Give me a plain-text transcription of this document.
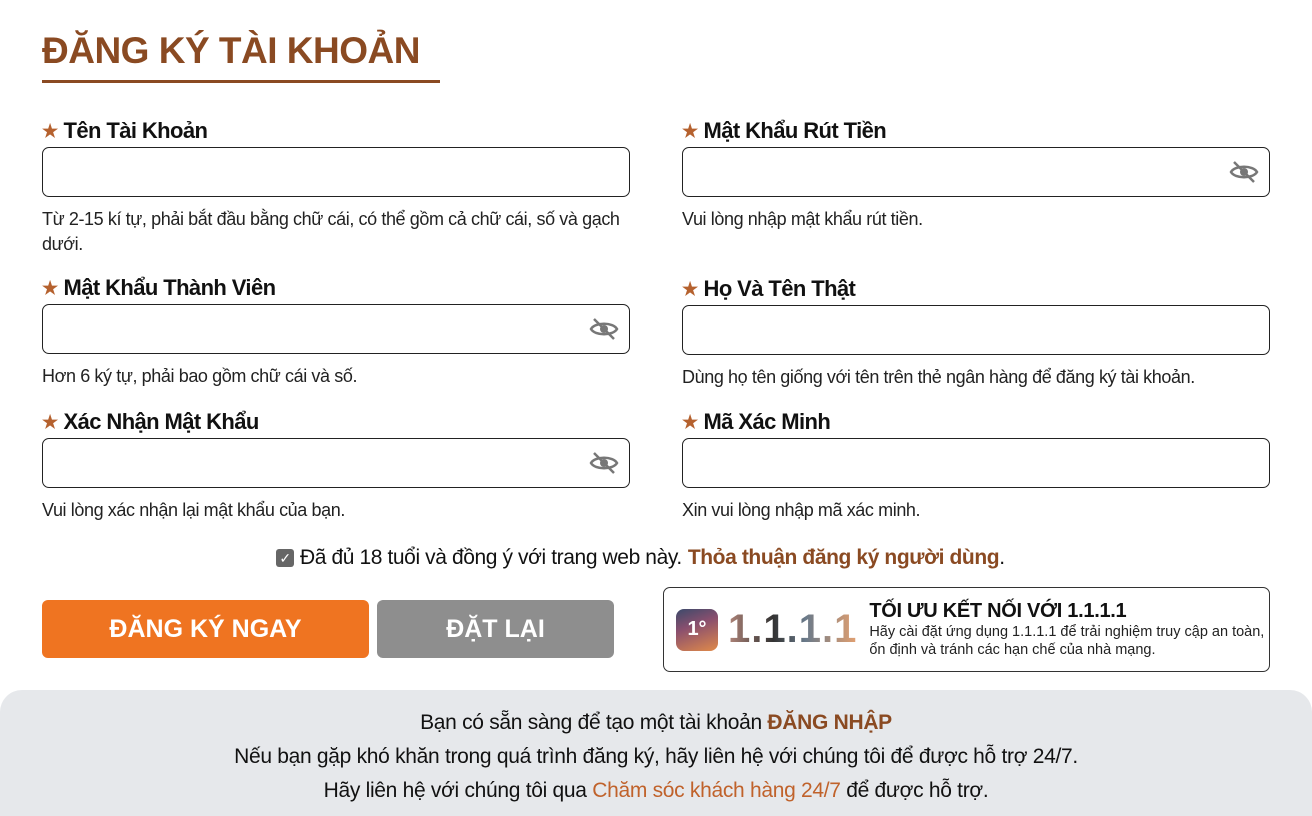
ĐĂNG KÝ TÀI KHOẢN
★ Tên Tài Khoản
Từ 2-15 kí tự, phải bắt đầu bằng chữ cái, có thể gồm cả chữ cái, số và gạch dưới.
★ Mật Khẩu Thành Viên
Hơn 6 ký tự, phải bao gồm chữ cái và số.
★ Xác Nhận Mật Khẩu
Vui lòng xác nhận lại mật khẩu của bạn.
★ Mật Khẩu Rút Tiền
Vui lòng nhập mật khẩu rút tiền.
★ Họ Và Tên Thật
Dùng họ tên giống với tên trên thẻ ngân hàng để đăng ký tài khoản.
★ Mã Xác Minh
Xin vui lòng nhập mã xác minh.
✓ Đã đủ 18 tuổi và đồng ý với trang web này. Thỏa thuận đăng ký người dùng.
ĐĂNG KÝ NGAY	ĐẶT LẠI	1° 1.1.1.1 TỐI ƯU KẾT NỐI VỚI 1.1.1.1
Hãy cài đặt ứng dụng 1.1.1.1 để trải nghiệm truy cập an toàn,
ổn định và tránh các hạn chế của nhà mạng.
Bạn có sẵn sàng để tạo một tài khoản ĐĂNG NHẬP
Nếu bạn gặp khó khăn trong quá trình đăng ký, hãy liên hệ với chúng tôi để được hỗ trợ 24/7.
Hãy liên hệ với chúng tôi qua Chăm sóc khách hàng 24/7 để được hỗ trợ.
